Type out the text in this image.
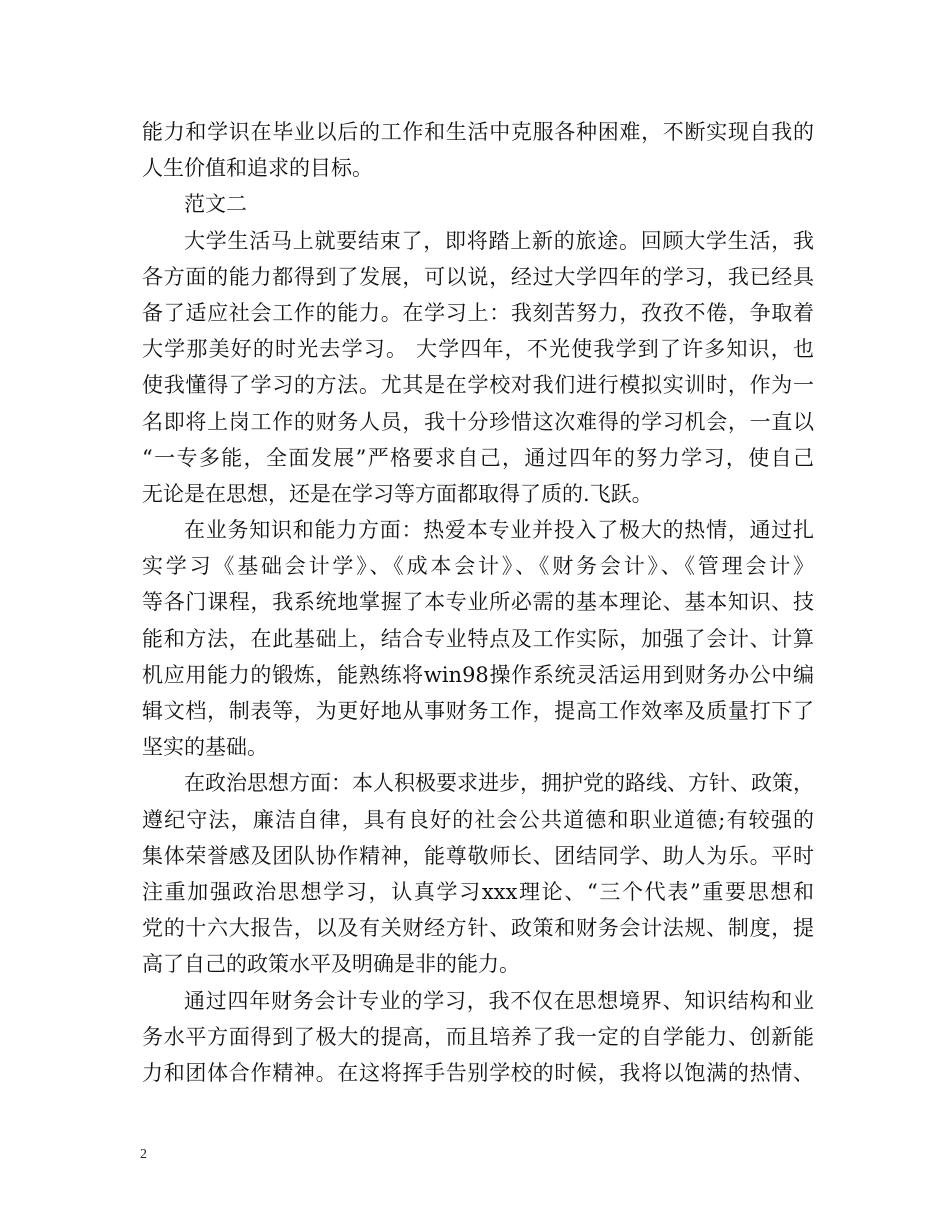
能力和学识在毕业以后的工作和生活中克服各种困难，不断实现自我的
人生价值和追求的目标。
范文二
大学生活马上就要结束了，即将踏上新的旅途。回顾大学生活，我
各方面的能力都得到了发展，可以说，经过大学四年的学习，我已经具
备了适应社会工作的能力。在学习上：我刻苦努力，孜孜不倦，争取着
大学那美好的时光去学习。 大学四年，不光使我学到了许多知识，也
使我懂得了学习的方法。尤其是在学校对我们进行模拟实训时，作为一
名即将上岗工作的财务人员，我十分珍惜这次难得的学习机会，一直以
“一专多能，全面发展”严格要求自己，通过四年的努力学习，使自己
无论是在思想，还是在学习等方面都取得了质的.飞跃。
在业务知识和能力方面：热爱本专业并投入了极大的热情，通过扎
实学习《基础会计学》、《成本会计》、《财务会计》、《管理会计》
等各门课程，我系统地掌握了本专业所必需的基本理论、基本知识、技
能和方法，在此基础上，结合专业特点及工作实际，加强了会计、计算
机应用能力的锻炼，能熟练将win98操作系统灵活运用到财务办公中编
辑文档，制表等，为更好地从事财务工作，提高工作效率及质量打下了
坚实的基础。
在政治思想方面：本人积极要求进步，拥护党的路线、方针、政策，
遵纪守法，廉洁自律，具有良好的社会公共道德和职业道德;有较强的
集体荣誉感及团队协作精神，能尊敬师长、团结同学、助人为乐。平时
注重加强政治思想学习，认真学习xxx理论、“三个代表”重要思想和
党的十六大报告，以及有关财经方针、政策和财务会计法规、制度，提
高了自己的政策水平及明确是非的能力。
通过四年财务会计专业的学习，我不仅在思想境界、知识结构和业
务水平方面得到了极大的提高，而且培养了我一定的自学能力、创新能
力和团体合作精神。在这将挥手告别学校的时候，我将以饱满的热情、
2
